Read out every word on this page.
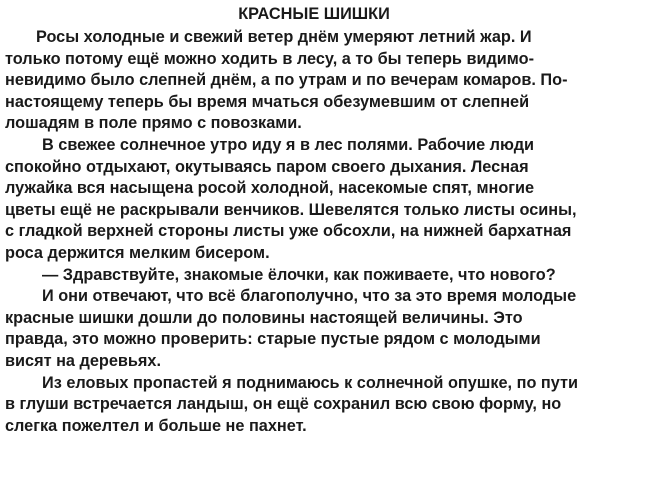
КРАСНЫЕ ШИШКИ
Росы холодные и свежий ветер днём умеряют летний жар. И
только потому ещё можно ходить в лесу, а то бы теперь видимо-
невидимо было слепней днём, а по утрам и по вечерам комаров. По-
настоящему теперь бы время мчаться обезумевшим от слепней
лошадям в поле прямо с повозками.
В свежее солнечное утро иду я в лес полями. Рабочие люди
спокойно отдыхают, окутываясь паром своего дыхания. Лесная
лужайка вся насыщена росой холодной, насекомые спят, многие
цветы ещё не раскрывали венчиков. Шевелятся только листы осины,
с гладкой верхней стороны листы уже обсохли, на нижней бархатная
роса держится мелким бисером.
— Здравствуйте, знакомые ёлочки, как поживаете, что нового?
И они отвечают, что всё благополучно, что за это время молодые
красные шишки дошли до половины настоящей величины. Это
правда, это можно проверить: старые пустые рядом с молодыми
висят на деревьях.
Из еловых пропастей я поднимаюсь к солнечной опушке, по пути
в глуши встречается ландыш, он ещё сохранил всю свою форму, но
слегка пожелтел и больше не пахнет.
